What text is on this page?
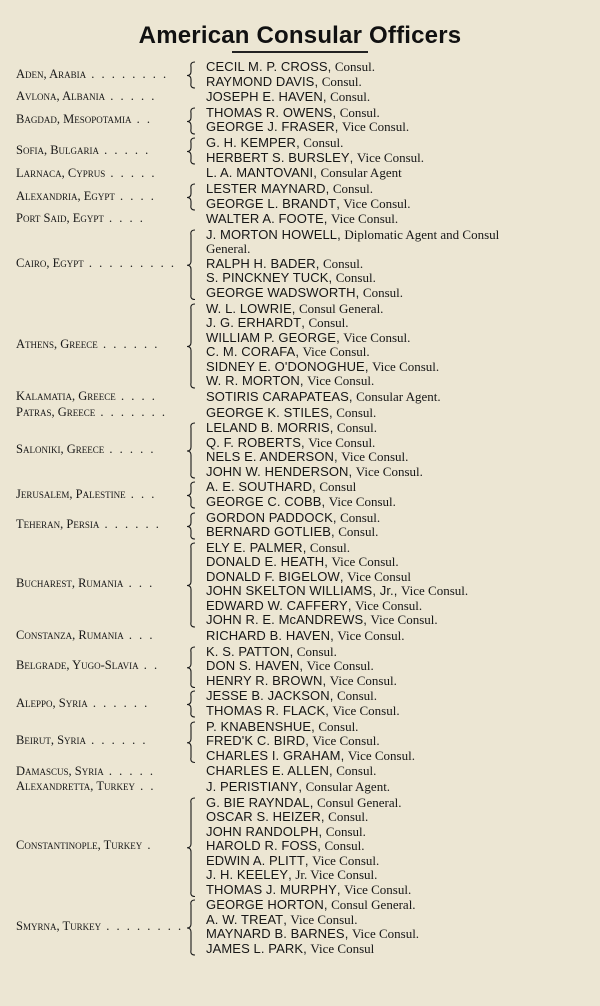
American Consular Officers
Aden, Arabia . . . . . . . .	CECIL M. P. CROSS, Consul.
RAYMOND DAVIS, Consul.
Avlona, Albania . . . . .	JOSEPH E. HAVEN, Consul.
Bagdad, Mesopotamia . .	THOMAS R. OWENS, Consul.
GEORGE J. FRASER, Vice Consul.
Sofia, Bulgaria . . . . .	G. H. KEMPER, Consul.
HERBERT S. BURSLEY, Vice Consul.
Larnaca, Cyprus . . . . .	L. A. MANTOVANI, Consular Agent
Alexandria, Egypt . . . .	LESTER MAYNARD, Consul.
GEORGE L. BRANDT, Vice Consul.
Port Said, Egypt . . . .	WALTER A. FOOTE, Vice Consul.
Cairo, Egypt . . . . . . . . .
J. MORTON HOWELL, Diplomatic Agent and Consul General.
RALPH H. BADER, Consul.
S. PINCKNEY TUCK, Consul.
GEORGE WADSWORTH, Consul.
Athens, Greece . . . . . .
W. L. LOWRIE, Consul General.
J. G. ERHARDT, Consul.
WILLIAM P. GEORGE, Vice Consul.
C. M. CORAFA, Vice Consul.
SIDNEY E. O'DONOGHUE, Vice Consul.
W. R. MORTON, Vice Consul.
Kalamatia, Greece . . . .	SOTIRIS CARAPATEAS, Consular Agent.
Patras, Greece . . . . . . .	GEORGE K. STILES, Consul.
Saloniki, Greece . . . . .
LELAND B. MORRIS, Consul.
Q. F. ROBERTS, Vice Consul.
NELS E. ANDERSON, Vice Consul.
JOHN W. HENDERSON, Vice Consul.
Jerusalem, Palestine . . .	A. E. SOUTHARD, Consul
GEORGE C. COBB, Vice Consul.
Teheran, Persia . . . . . .	GORDON PADDOCK, Consul.
BERNARD GOTLIEB, Consul.
Bucharest, Rumania . . .
ELY E. PALMER, Consul.
DONALD E. HEATH, Vice Consul.
DONALD F. BIGELOW, Vice Consul
JOHN SKELTON WILLIAMS, Jr., Vice Consul.
EDWARD W. CAFFERY, Vice Consul.
JOHN R. E. McANDREWS, Vice Consul.
Constanza, Rumania . . .	RICHARD B. HAVEN, Vice Consul.
Belgrade, Yugo-Slavia . .
K. S. PATTON, Consul.
DON S. HAVEN, Vice Consul.
HENRY R. BROWN, Vice Consul.
Aleppo, Syria . . . . . .	JESSE B. JACKSON, Consul.
THOMAS R. FLACK, Vice Consul.
Beirut, Syria . . . . . .
P. KNABENSHUE, Consul.
FRED'K C. BIRD, Vice Consul.
CHARLES I. GRAHAM, Vice Consul.
Damascus, Syria . . . . .	CHARLES E. ALLEN, Consul.
Alexandretta, Turkey . .	J. PERISTIANY, Consular Agent.
Constantinople, Turkey .
G. BIE RAYNDAL, Consul General.
OSCAR S. HEIZER, Consul.
JOHN RANDOLPH, Consul.
HAROLD R. FOSS, Consul.
EDWIN A. PLITT, Vice Consul.
J. H. KEELEY, Jr. Vice Consul.
THOMAS J. MURPHY, Vice Consul.
Smyrna, Turkey . . . . . . . .
GEORGE HORTON, Consul General.
A. W. TREAT, Vice Consul.
MAYNARD B. BARNES, Vice Consul.
JAMES L. PARK, Vice Consul
